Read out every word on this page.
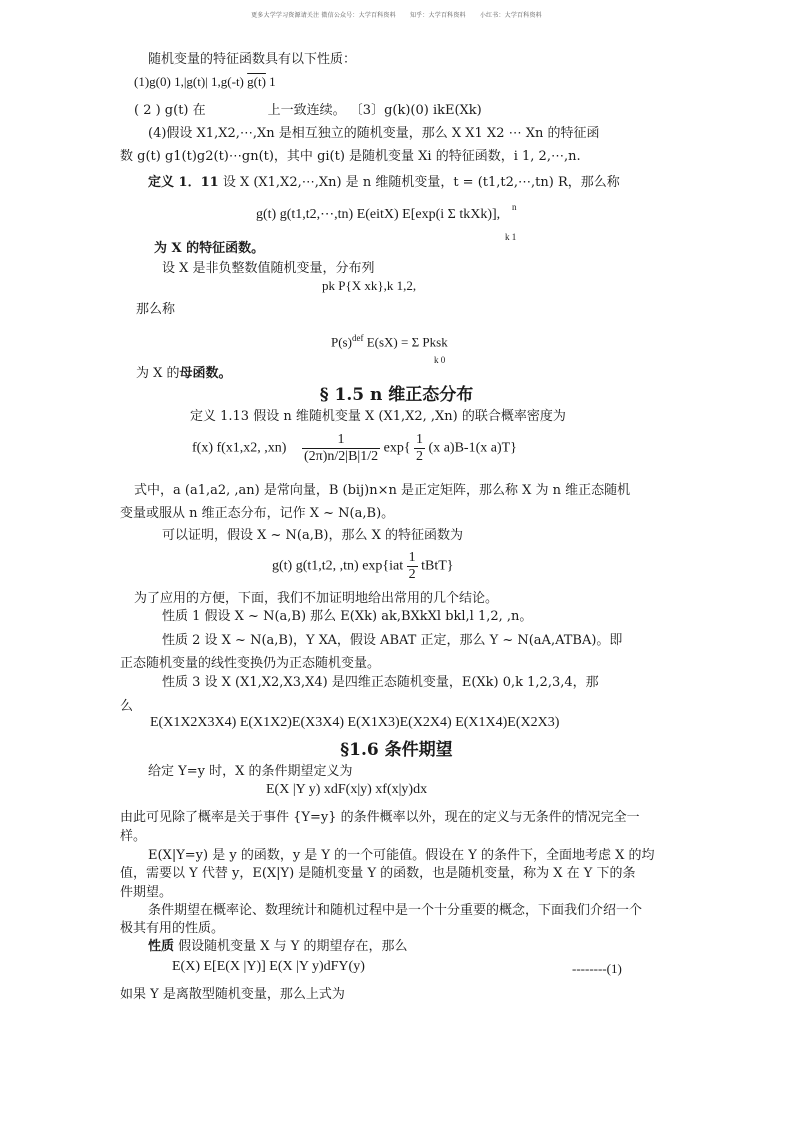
更多大学学习资源请关注 微信公众号：大学百科资料 知乎：大学百科资料 小红书：大学百科资料
随机变量的特征函数具有以下性质：
(1)g(0) 1,|g(t)| 1,g(-t) g(t) 1
( 2 ) g(t) 在	上一致连续。 〔3〕g(k)(0) ikE(Xk)
(4)假设 X1,X2,⋯,Xn 是相互独立的随机变量，那么 X X1 X2 ⋯ Xn 的特征函
数 g(t) g1(t)g2(t)⋯gn(t)，其中 gi(t) 是随机变量 Xi 的特征函数，i 1, 2,⋯,n.
定义 1．11 设 X (X1,X2,⋯,Xn) 是 n 维随机变量，t = (t1,t2,⋯,tn) R，那么称
g(t) g(t1,t2,⋯,tn) E(eitX) E[exp(i Σ tkXk)], n
k 1
为 X 的特征函数。
设 X 是非负整数值随机变量，分布列
pk P{X xk},k 1,2,
那么称
$P(s)^{def}$ E(sX) = Σ Pksk
k 0
为 X 的母函数。
§ 1.5 n 维正态分布
定义 1.13 假设 n 维随机变量 X (X1,X2, ,Xn) 的联合概率密度为
f(x) f(x1,x2, $,xn) \frac{1}{(2\pi)n/2|B|1/2} \exp\{ \frac{1}{2} (x$ a)B-1(x a)T}
式中，a (a1,a2, ,an) 是常向量，B (bij)n×n 是正定矩阵，那么称 X 为 n 维正态随机
变量或服从 n 维正态分布，记作 X ~ N(a,B)。
可以证明，假设 X ~ N(a,B)，那么 X 的特征函数为
g(t) g(t1,t2, ,tn) $\exp\{iat \frac{1}{2}$ tBtT}
为了应用的方便，下面，我们不加证明地给出常用的几个结论。
性质 1 假设 X ~ N(a,B) 那么 E(Xk) ak,BXkXl bkl,l 1,2, ,n。
性质 2 设 X ~ N(a,B)，Y XA，假设 ABAT 正定，那么 Y ~ N(aA,ATBA)。即
正态随机变量的线性变换仍为正态随机变量。
性质 3 设 X (X1,X2,X3,X4) 是四维正态随机变量，E(Xk) 0,k 1,2,3,4，那
么
E(X1X2X3X4) E(X1X2)E(X3X4) E(X1X3)E(X2X4) E(X1X4)E(X2X3)
§1.6 条件期望
给定 Y=y 时，X 的条件期望定义为
E(X |Y y) xdF(x|y) xf(x|y)dx
由此可见除了概率是关于事件 {Y=y} 的条件概率以外，现在的定义与无条件的情况完全一
样。
E(X|Y=y) 是 y 的函数，y 是 Y 的一个可能值。假设在 Y 的条件下，全面地考虑 X 的均
值，需要以 Y 代替 y，E(X|Y) 是随机变量 Y 的函数，也是随机变量，称为 X 在 Y 下的条
件期望。
条件期望在概率论、数理统计和随机过程中是一个十分重要的概念，下面我们介绍一个
极其有用的性质。
性质 假设随机变量 X 与 Y 的期望存在，那么
E(X) E[E(X |Y)] E(X |Y y)dFY(y)	--------(1)
如果 Y 是离散型随机变量，那么上式为
